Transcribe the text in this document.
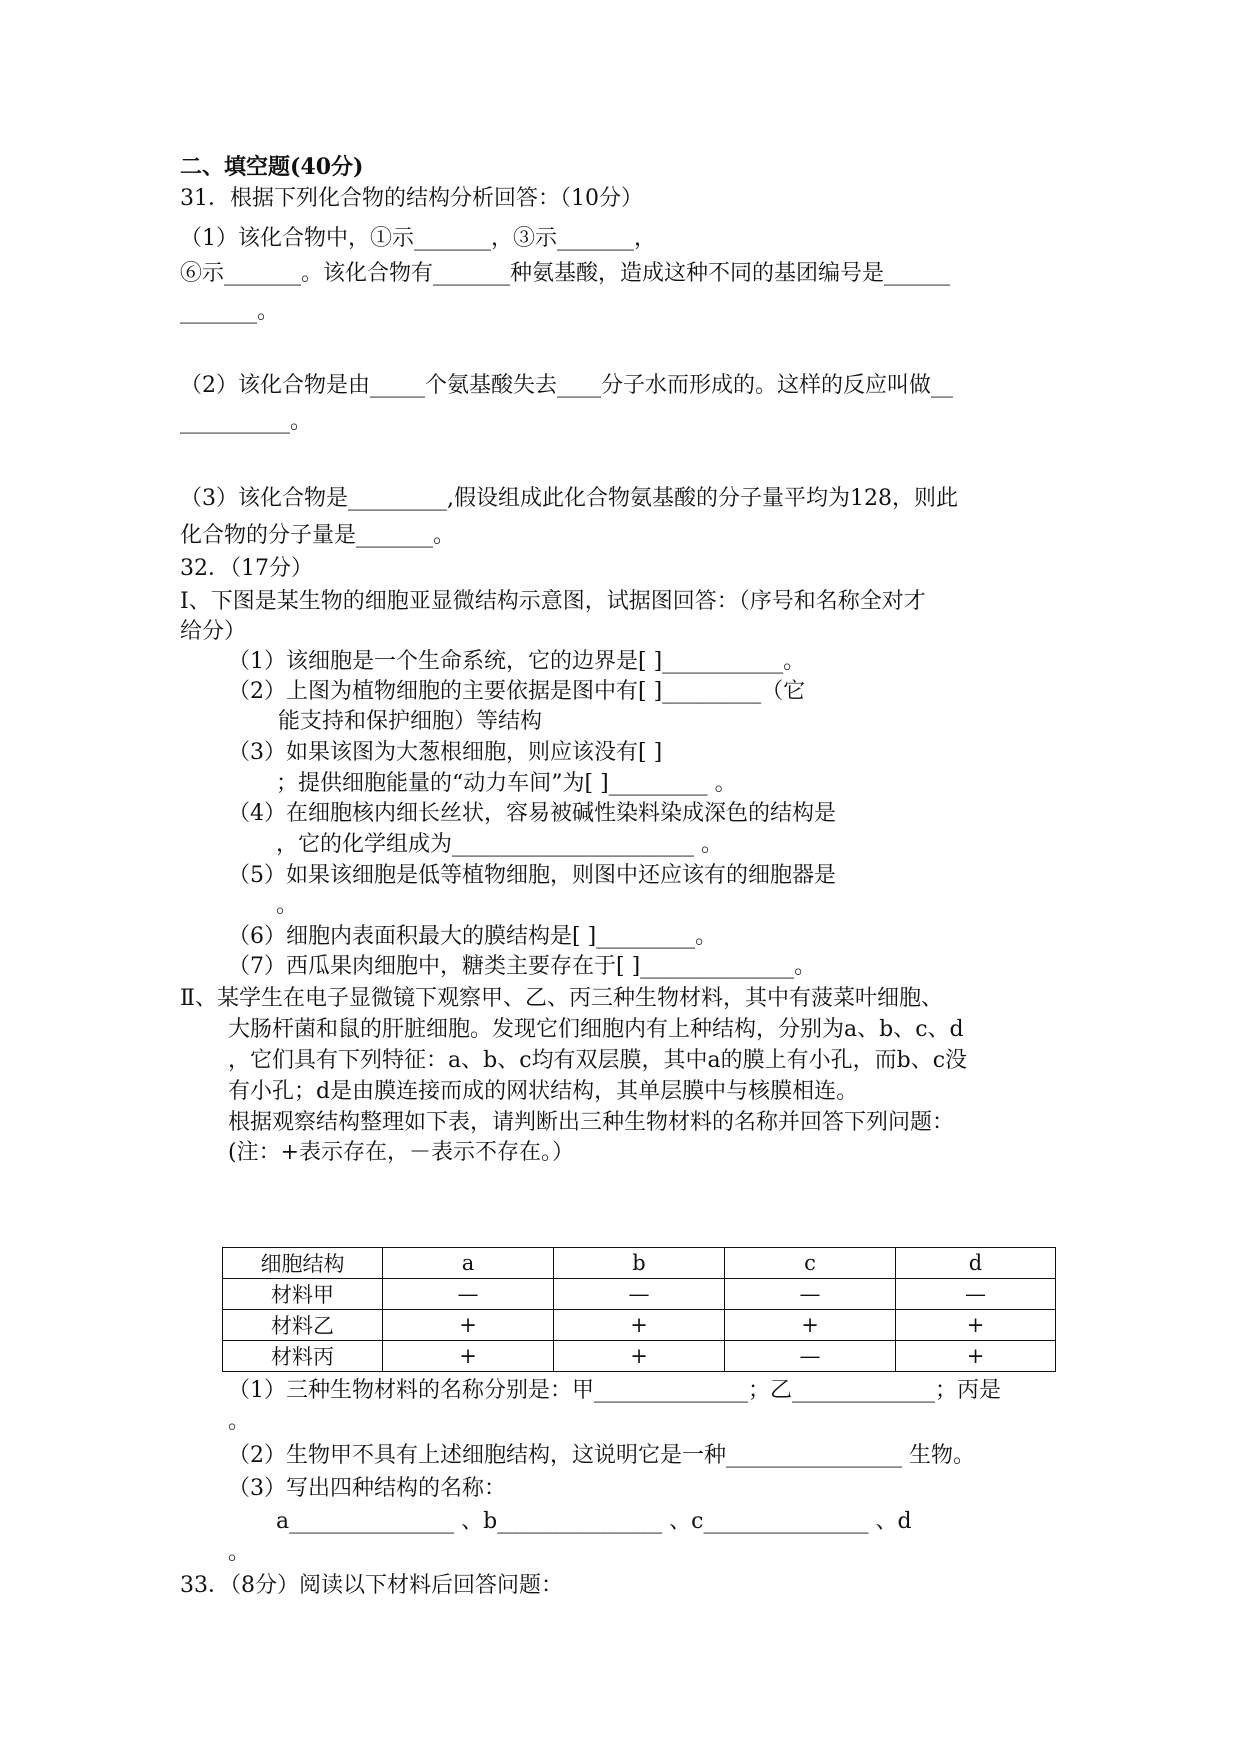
二、填空题(40分)
31．根据下列化合物的结构分析回答：（10分）
（1）该化合物中，①示_______，③示_______，
⑥示_______。该化合物有_______种氨基酸，造成这种不同的基团编号是______
_______。
（2）该化合物是由_____个氨基酸失去____分子水而形成的。这样的反应叫做__
__________。
（3）该化合物是_________,假设组成此化合物氨基酸的分子量平均为128，则此
化合物的分子量是_______。
32．（17分）
Ⅰ、下图是某生物的细胞亚显微结构示意图，试据图回答：（序号和名称全对才
给分）
（1）该细胞是一个生命系统，它的边界是[ ]___________。
（2）上图为植物细胞的主要依据是图中有[ ]_________（它
能支持和保护细胞）等结构
（3）如果该图为大葱根细胞，则应该没有[ ]
；提供细胞能量的“动力车间”为[ ]_________ 。
（4）在细胞核内细长丝状，容易被碱性染料染成深色的结构是
，它的化学组成为______________________ 。
（5）如果该细胞是低等植物细胞，则图中还应该有的细胞器是
。
（6）细胞内表面积最大的膜结构是[ ]_________。
（7）西瓜果肉细胞中，糖类主要存在于[ ]______________。
Ⅱ、某学生在电子显微镜下观察甲、乙、丙三种生物材料，其中有菠菜叶细胞、
大肠杆菌和鼠的肝脏细胞。发现它们细胞内有上种结构，分别为a、b、c、d
，它们具有下列特征：a、b、c均有双层膜，其中a的膜上有小孔，而b、c没
有小孔；d是由膜连接而成的网状结构，其单层膜中与核膜相连。
根据观察结构整理如下表，请判断出三种生物材料的名称并回答下列问题：
(注：+表示存在，－表示不存在。）
细胞结构	a	b	c	d
材料甲	—	—	—	—
材料乙	+	+	+	+
材料丙	+	+	—	+
（1）三种生物材料的名称分别是：甲______________；乙_____________；丙是
。
（2）生物甲不具有上述细胞结构，这说明它是一种________________ 生物。
（3）写出四种结构的名称：
a_______________ 、b_______________ 、c_______________ 、d
。
33．（8分）阅读以下材料后回答问题：
